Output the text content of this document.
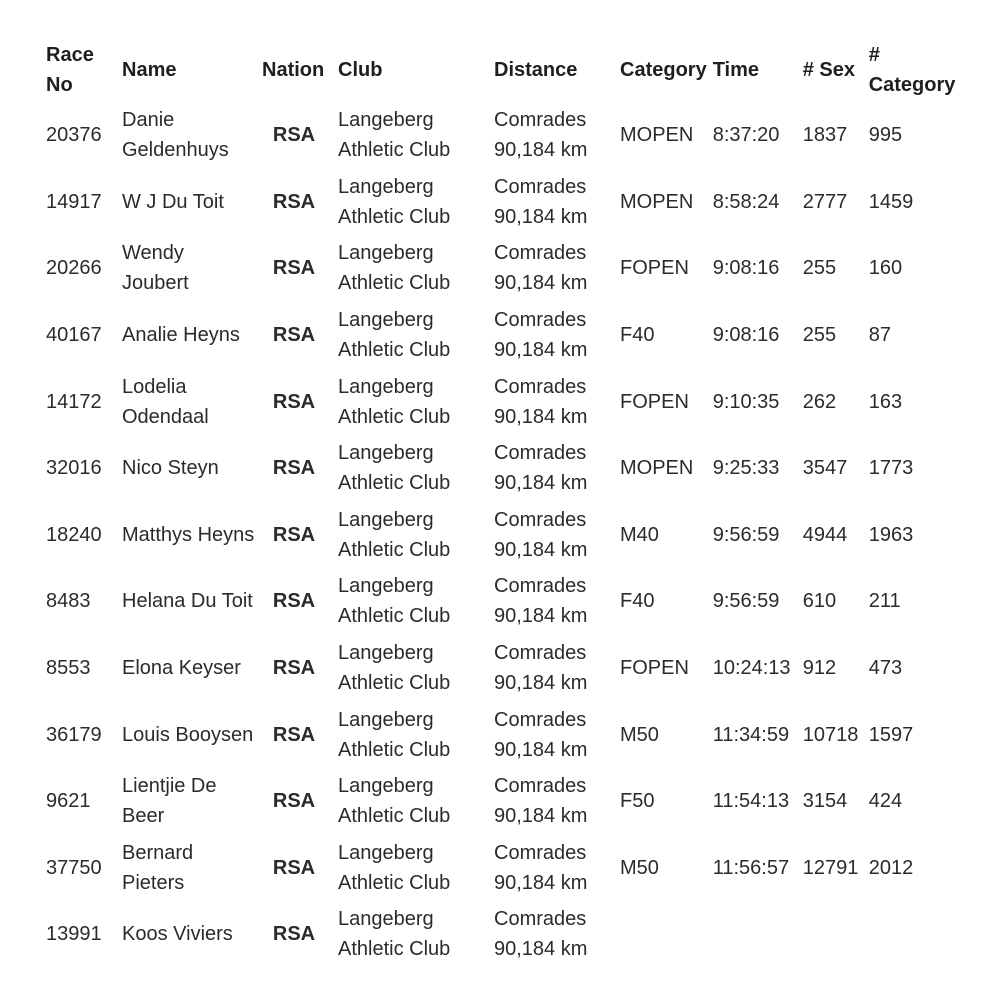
Race No	Name	Nation	Club	Distance	Category	Time	# Sex	# Category
20376	Danie Geldenhuys	RSA	Langeberg Athletic Club	Comrades 90,184 km	MOPEN	8:37:20	1837	995
14917	W J Du Toit	RSA	Langeberg Athletic Club	Comrades 90,184 km	MOPEN	8:58:24	2777	1459
20266	Wendy Joubert	RSA	Langeberg Athletic Club	Comrades 90,184 km	FOPEN	9:08:16	255	160
40167	Analie Heyns	RSA	Langeberg Athletic Club	Comrades 90,184 km	F40	9:08:16	255	87
14172	Lodelia Odendaal	RSA	Langeberg Athletic Club	Comrades 90,184 km	FOPEN	9:10:35	262	163
32016	Nico Steyn	RSA	Langeberg Athletic Club	Comrades 90,184 km	MOPEN	9:25:33	3547	1773
18240	Matthys Heyns	RSA	Langeberg Athletic Club	Comrades 90,184 km	M40	9:56:59	4944	1963
8483	Helana Du Toit	RSA	Langeberg Athletic Club	Comrades 90,184 km	F40	9:56:59	610	211
8553	Elona Keyser	RSA	Langeberg Athletic Club	Comrades 90,184 km	FOPEN	10:24:13	912	473
36179	Louis Booysen	RSA	Langeberg Athletic Club	Comrades 90,184 km	M50	11:34:59	10718	1597
9621	Lientjie De Beer	RSA	Langeberg Athletic Club	Comrades 90,184 km	F50	11:54:13	3154	424
37750	Bernard Pieters	RSA	Langeberg Athletic Club	Comrades 90,184 km	M50	11:56:57	12791	2012
13991	Koos Viviers	RSA	Langeberg Athletic Club	Comrades 90,184 km				
